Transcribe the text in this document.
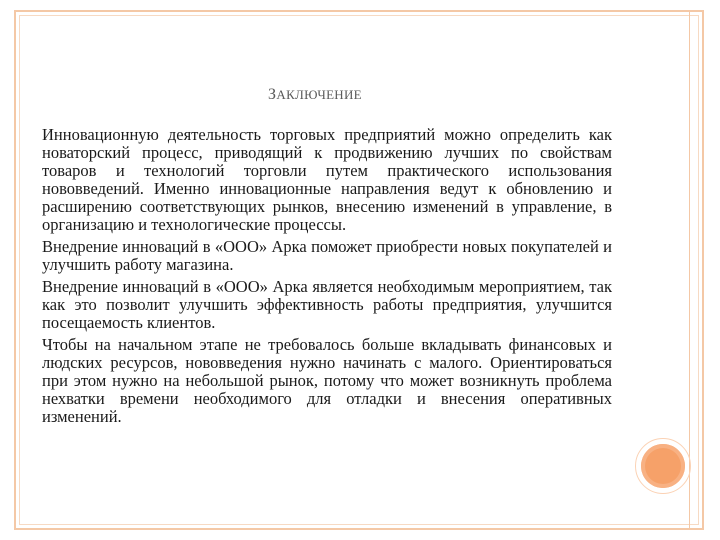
ЗАКЛЮЧЕНИЕ

Инновационную деятельность торговых предприятий можно определить как новаторский процесс, приводящий к продвижению лучших по свойствам товаров и технологий торговли путем практического использования нововведений. Именно инновационные направления ведут к обновлению и расширению соответствующих рынков, внесению изменений в управление, в организацию и технологические процессы.

Внедрение инноваций в «ООО» Арка поможет приобрести новых покупателей и улучшить работу магазина.

Внедрение инноваций в «ООО» Арка является необходимым мероприятием, так как это позволит улучшить эффективность работы предприятия, улучшится посещаемость клиентов.

Чтобы на начальном этапе не требовалось больше вкладывать финансовых и людских ресурсов, нововведения нужно начинать с малого. Ориентироваться при этом нужно на небольшой рынок, потому что может возникнуть проблема нехватки времени необходимого для отладки и внесения оперативных изменений.
